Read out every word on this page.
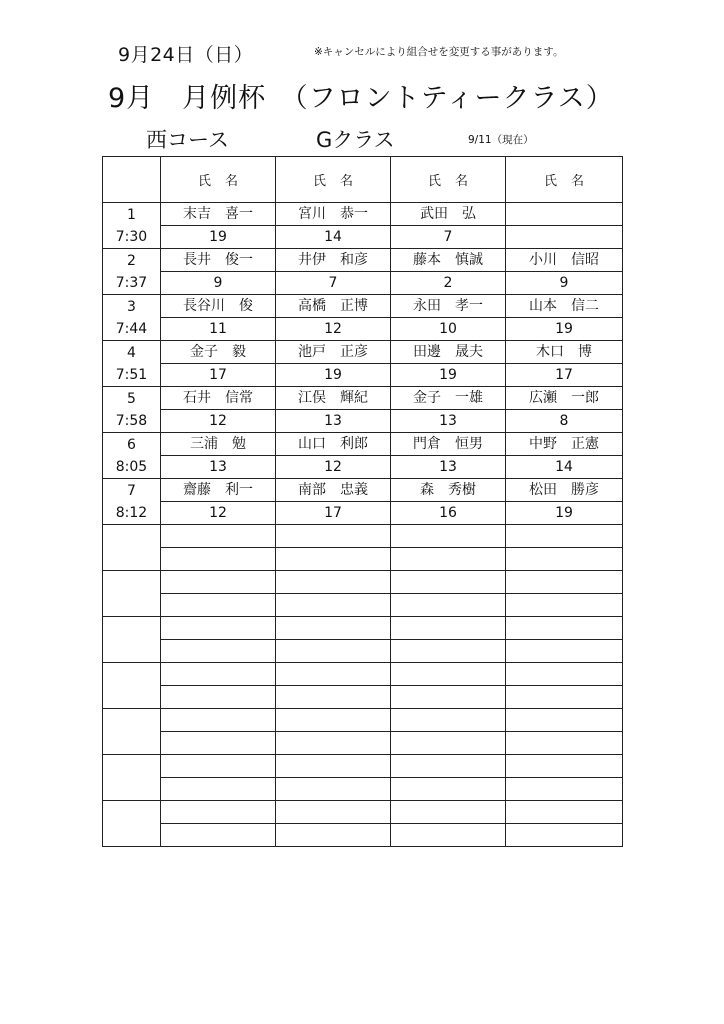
9月24日（日）	※キャンセルにより組合せを変更する事があります。
9月　月例杯　（フロントティークラス）
西コース	Gクラス	9/11（現在）
	氏名	氏名	氏名	氏名

1
7:30	末吉　喜一	宮川　恭一	武田　弘	
	19	14	7	

2
7:37	長井　俊一	井伊　和彦	藤本　慎誠	小川　信昭
	9	7	2	9

3
7:44	長谷川　俊	高橋　正博	永田　孝一	山本　信二
	11	12	10	19

4
7:51	金子　毅	池戸　正彦	田邊　晟夫	木口　博
	17	19	19	17

5
7:58	石井　信常	江俣　輝紀	金子　一雄	広瀬　一郎
	12	13	13	8

6
8:05	三浦　勉	山口　利郎	門倉　恒男	中野　正憲
	13	12	13	14

7
8:12	齋藤　利一	南部　忠義	森　秀樹	松田　勝彦
	12	17	16	19
